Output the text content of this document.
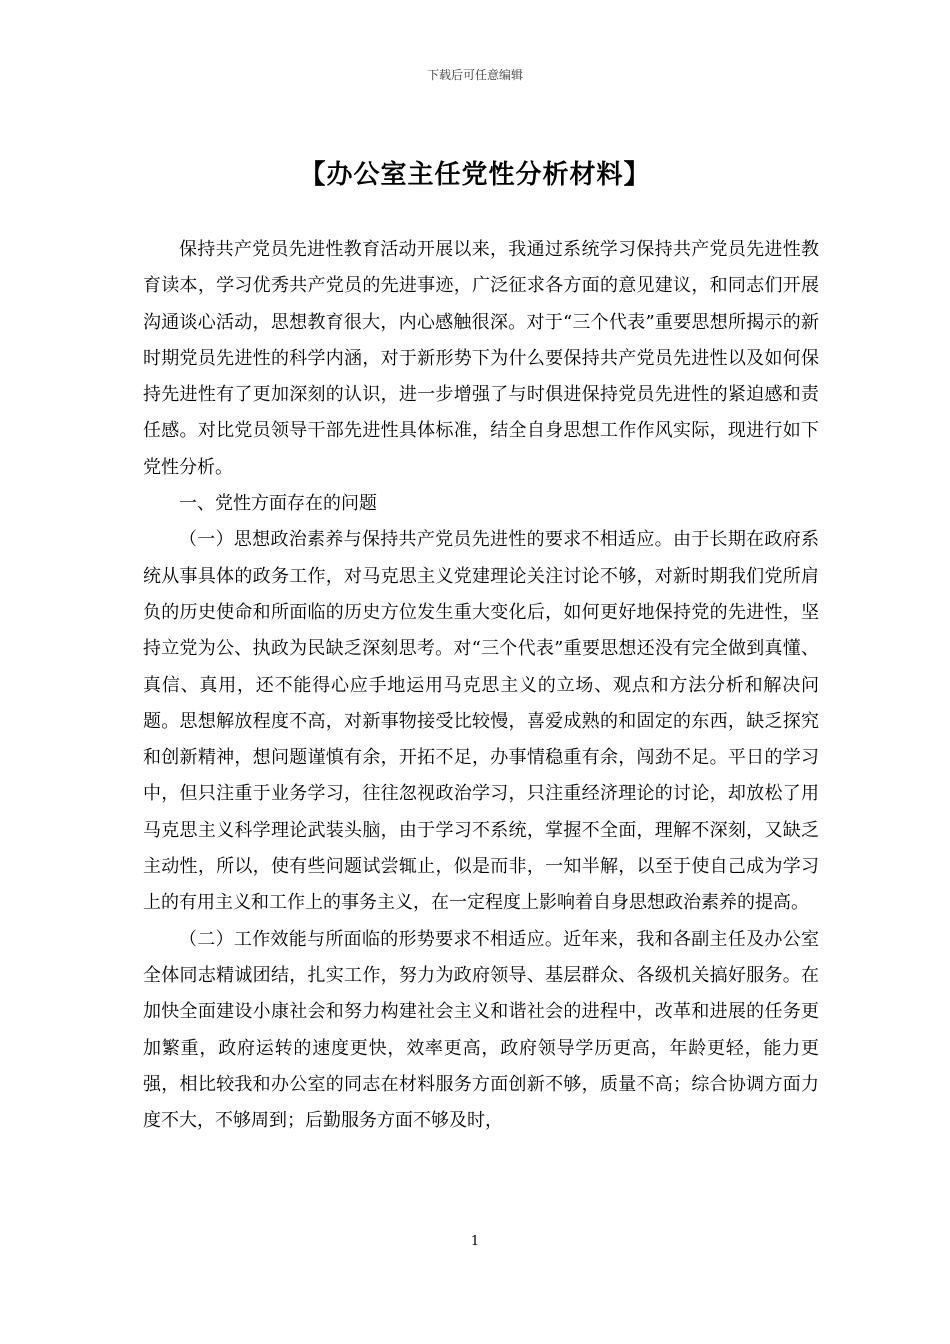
下载后可任意编辑
【办公室主任党性分析材料】

保持共产党员先进性教育活动开展以来，我通过系统学习保持共产党员先进性教育读本，学习优秀共产党员的先进事迹，广泛征求各方面的意见建议，和同志们开展沟通谈心活动，思想教育很大，内心感触很深。对于“三个代表”重要思想所揭示的新时期党员先进性的科学内涵，对于新形势下为什么要保持共产党员先进性以及如何保持先进性有了更加深刻的认识，进一步增强了与时俱进保持党员先进性的紧迫感和责任感。对比党员领导干部先进性具体标准，结全自身思想工作作风实际，现进行如下党性分析。

一、党性方面存在的问题

（一）思想政治素养与保持共产党员先进性的要求不相适应。由于长期在政府系统从事具体的政务工作，对马克思主义党建理论关注讨论不够，对新时期我们党所肩负的历史使命和所面临的历史方位发生重大变化后，如何更好地保持党的先进性，坚持立党为公、执政为民缺乏深刻思考。对“三个代表”重要思想还没有完全做到真懂、真信、真用，还不能得心应手地运用马克思主义的立场、观点和方法分析和解决问题。思想解放程度不高，对新事物接受比较慢，喜爱成熟的和固定的东西，缺乏探究和创新精神，想问题谨慎有余，开拓不足，办事情稳重有余，闯劲不足。平日的学习中，但只注重于业务学习，往往忽视政治学习，只注重经济理论的讨论，却放松了用马克思主义科学理论武装头脑，由于学习不系统，掌握不全面，理解不深刻，又缺乏主动性，所以，使有些问题试尝辄止，似是而非，一知半解，以至于使自己成为学习上的有用主义和工作上的事务主义，在一定程度上影响着自身思想政治素养的提高。

（二）工作效能与所面临的形势要求不相适应。近年来，我和各副主任及办公室全体同志精诚团结，扎实工作，努力为政府领导、基层群众、各级机关搞好服务。在加快全面建设小康社会和努力构建社会主义和谐社会的进程中，改革和进展的任务更加繁重，政府运转的速度更快，效率更高，政府领导学历更高，年龄更轻，能力更强，相比较我和办公室的同志在材料服务方面创新不够，质量不高；综合协调方面力度不大，不够周到；后勤服务方面不够及时，

1
